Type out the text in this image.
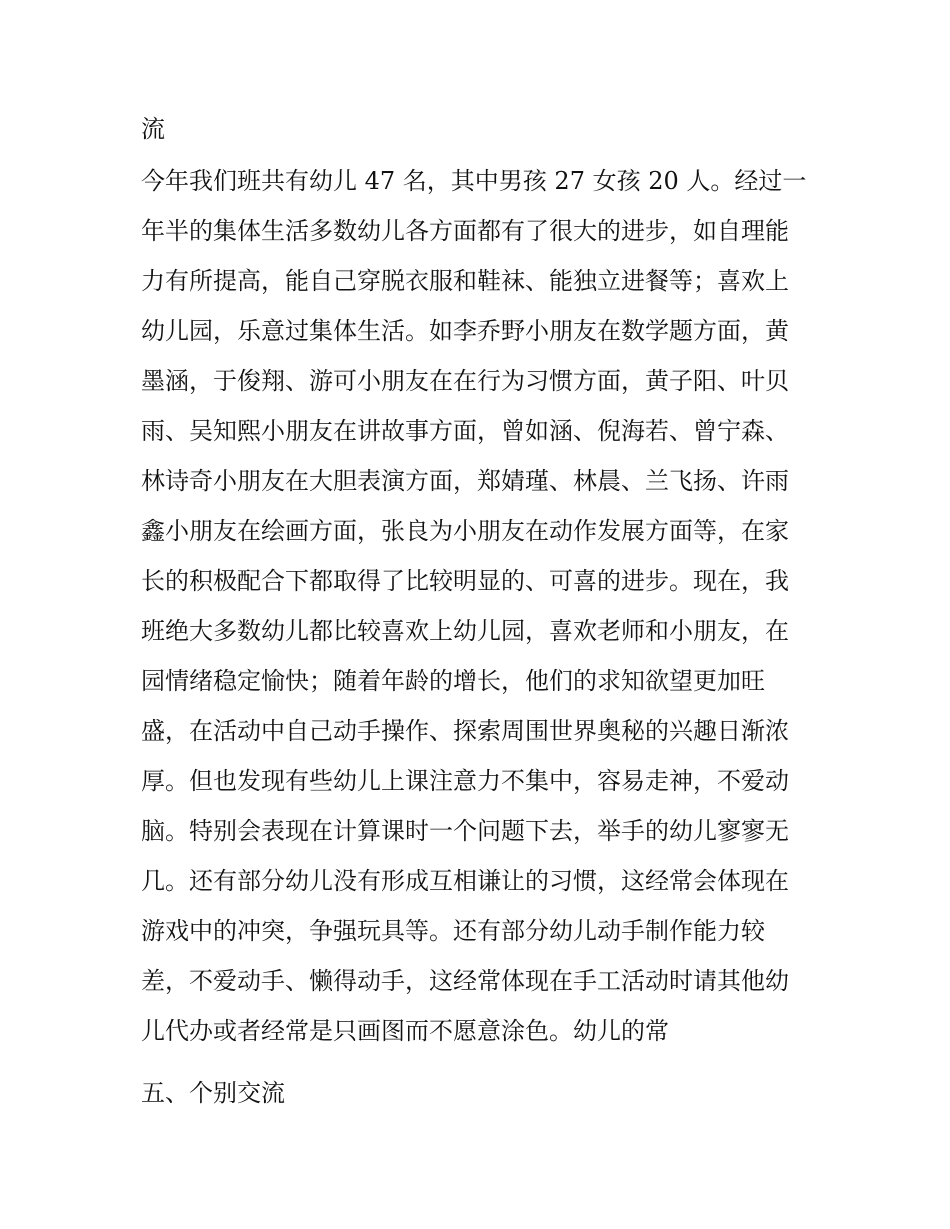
流
今年我们班共有幼儿 47 名，其中男孩 27 女孩 20 人。经过一
年半的集体生活多数幼儿各方面都有了很大的进步，如自理能
力有所提高，能自己穿脱衣服和鞋袜、能独立进餐等；喜欢上
幼儿园，乐意过集体生活。如李乔野小朋友在数学题方面，黄
墨涵，于俊翔、游可小朋友在在行为习惯方面，黄子阳、叶贝
雨、吴知熙小朋友在讲故事方面，曾如涵、倪海若、曾宁森、
林诗奇小朋友在大胆表演方面，郑婧瑾、林晨、兰飞扬、许雨
鑫小朋友在绘画方面，张良为小朋友在动作发展方面等，在家
长的积极配合下都取得了比较明显的、可喜的进步。现在，我
班绝大多数幼儿都比较喜欢上幼儿园，喜欢老师和小朋友，在
园情绪稳定愉快；随着年龄的增长，他们的求知欲望更加旺
盛，在活动中自己动手操作、探索周围世界奥秘的兴趣日渐浓
厚。但也发现有些幼儿上课注意力不集中，容易走神，不爱动
脑。特别会表现在计算课时一个问题下去，举手的幼儿寥寥无
几。还有部分幼儿没有形成互相谦让的习惯，这经常会体现在
游戏中的冲突，争强玩具等。还有部分幼儿动手制作能力较
差，不爱动手、懒得动手，这经常体现在手工活动时请其他幼
儿代办或者经常是只画图而不愿意涂色。幼儿的常
五、个别交流
